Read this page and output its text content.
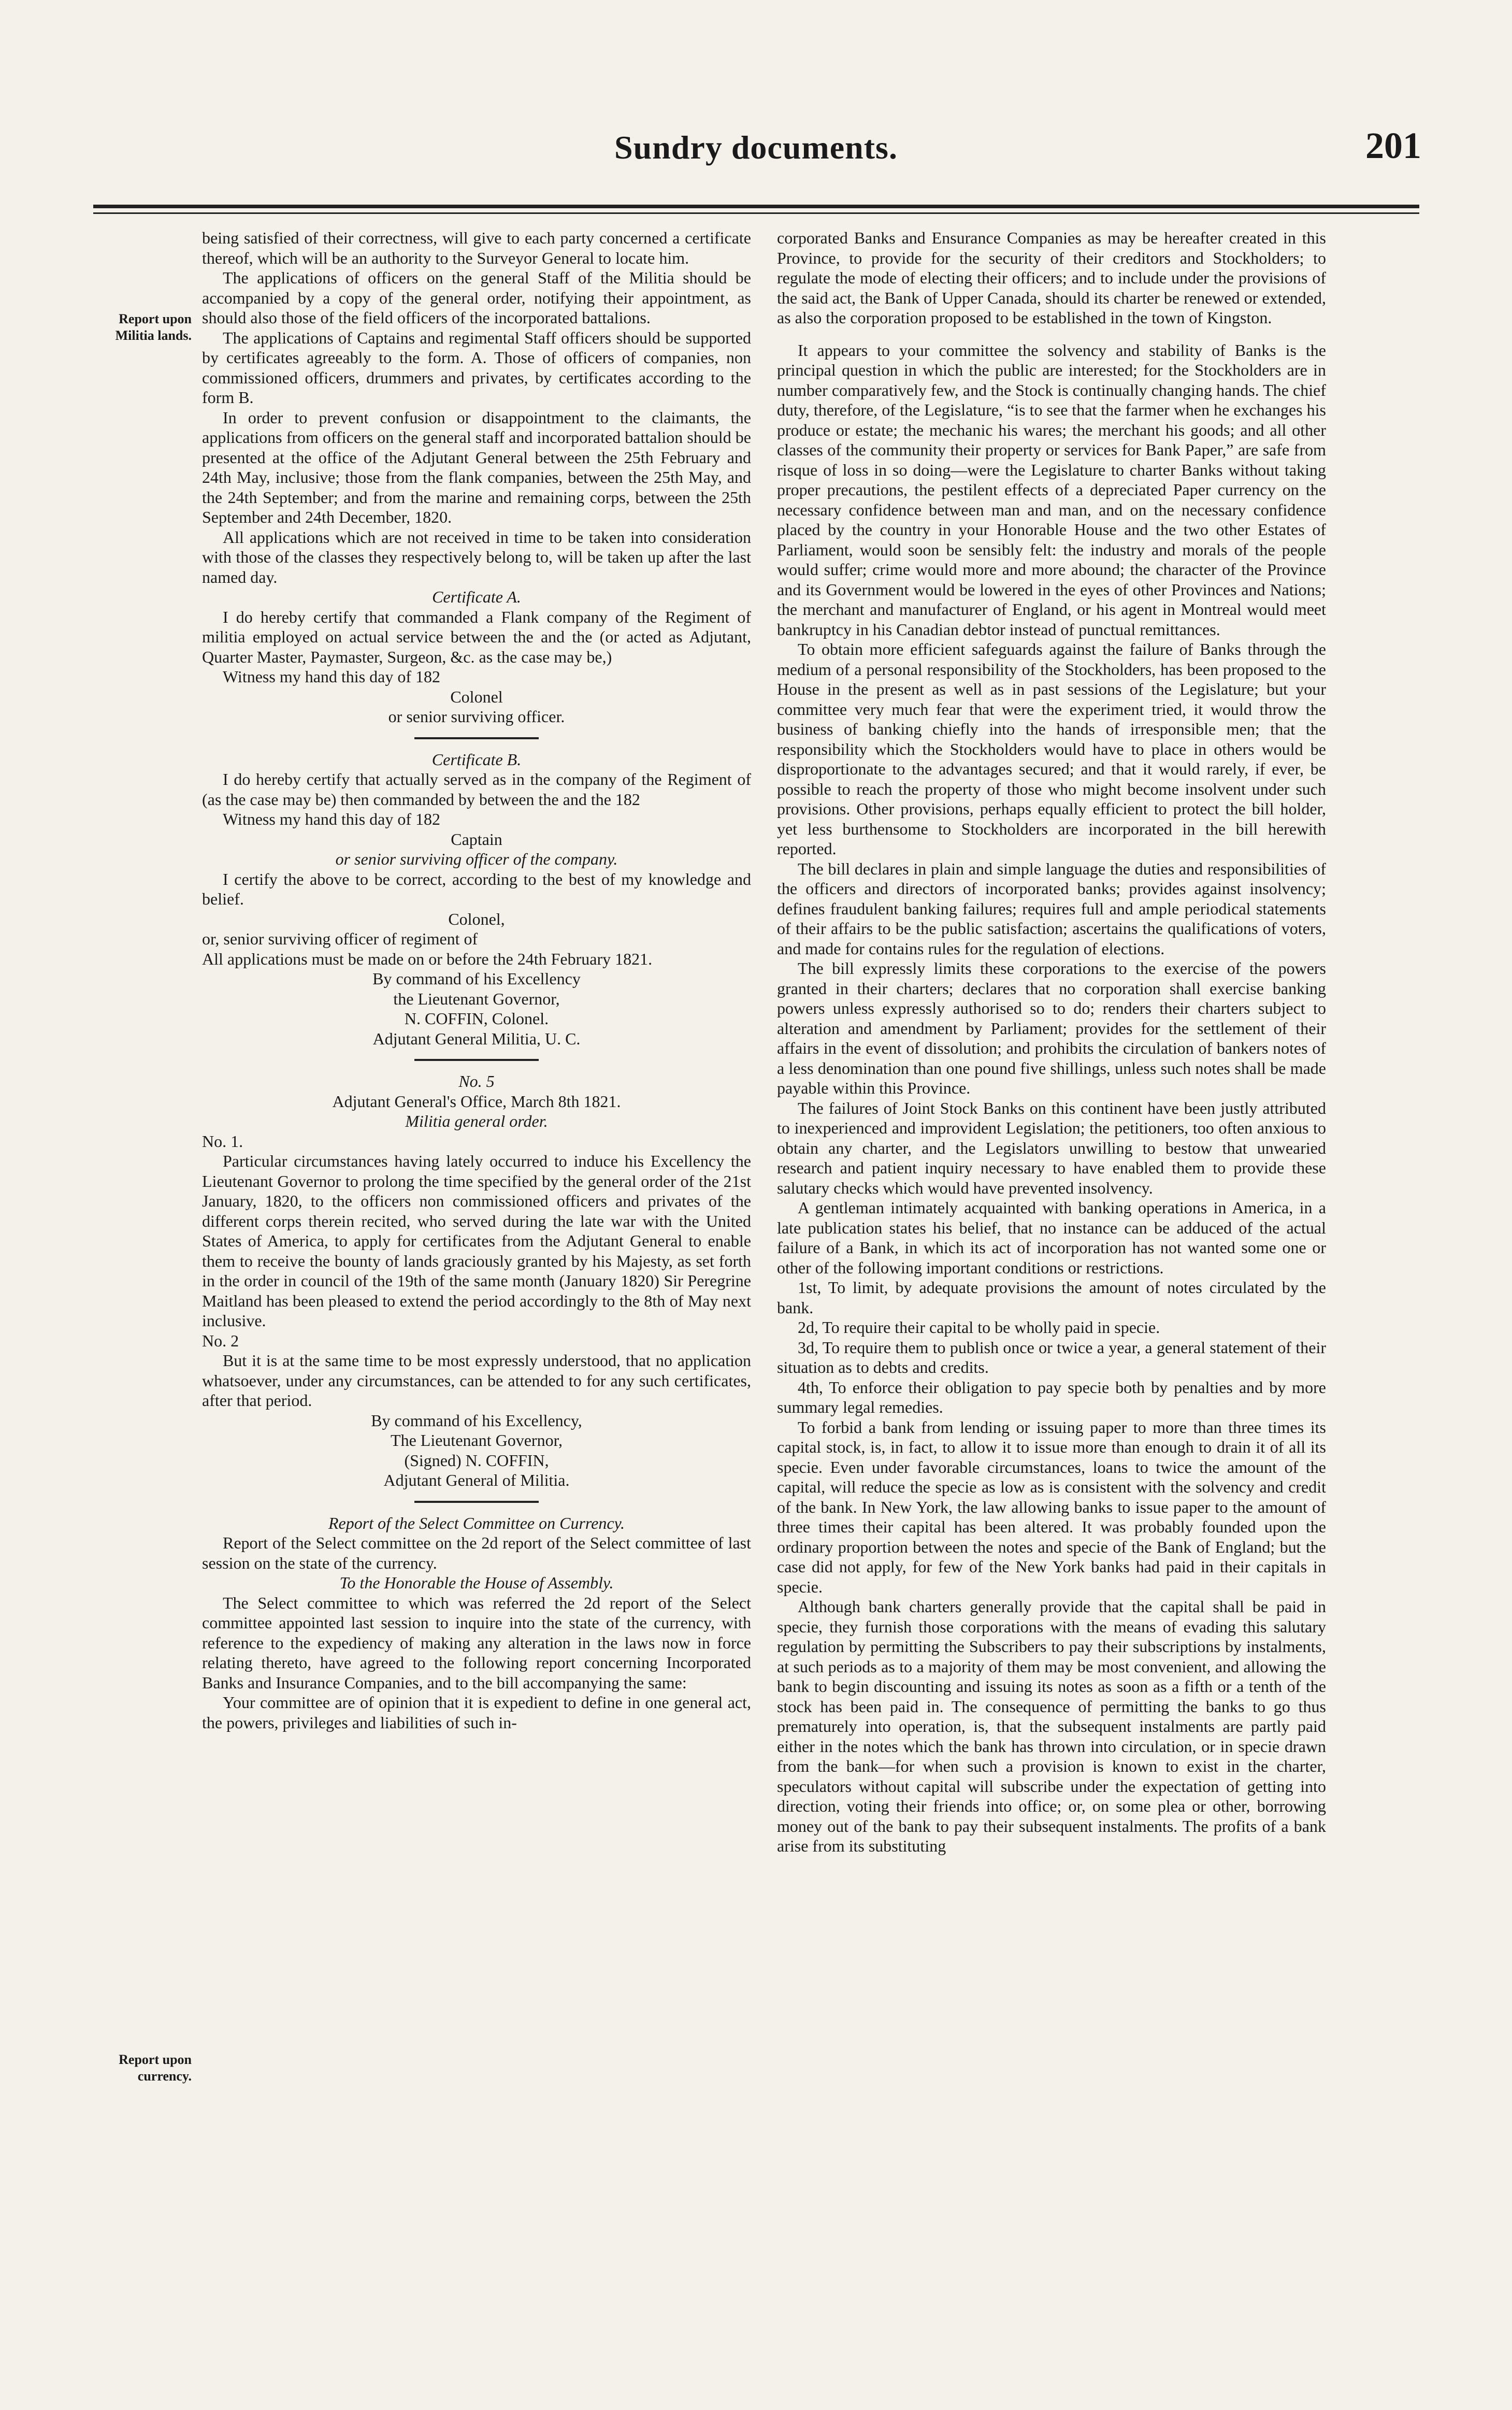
Sundry documents.	201
Report upon Militia lands.
Report upon currency.

being satisfied of their correctness, will give to each party concerned a certificate thereof, which will be an authority to the Surveyor General to locate him.

The applications of officers on the general Staff of the Militia should be accompanied by a copy of the general order, notifying their appointment, as should also those of the field officers of the incorporated battalions.

The applications of Captains and regimental Staff officers should be supported by certificates agreeably to the form. A. Those of officers of companies, non commissioned officers, drummers and privates, by certificates according to the form B.

In order to prevent confusion or disappointment to the claimants, the applications from officers on the general staff and incorporated battalion should be presented at the office of the Adjutant General between the 25th February and 24th May, inclusive; those from the flank companies, between the 25th May, and the 24th September; and from the marine and remaining corps, between the 25th September and 24th December, 1820.

All applications which are not received in time to be taken into consideration with those of the classes they respectively belong to, will be taken up after the last named day.

Certificate A.

I do hereby certify that commanded a Flank company of the Regiment of militia employed on actual service between the and the (or acted as Adjutant, Quarter Master, Paymaster, Surgeon, &c. as the case may be,)

Witness my hand this day of 182

Colonel

or senior surviving officer.

Certificate B.

I do hereby certify that actually served as in the company of the Regiment of (as the case may be) then commanded by between the and the 182

Witness my hand this day of 182

Captain

or senior surviving officer of the company.

I certify the above to be correct, according to the best of my knowledge and belief.

Colonel,

or, senior surviving officer of regiment of

All applications must be made on or before the 24th February 1821.

By command of his Excellency

the Lieutenant Governor,

N. COFFIN, Colonel.

Adjutant General Militia, U. C.

No. 5

Adjutant General's Office, March 8th 1821.

Militia general order.

No. 1.

Particular circumstances having lately occurred to induce his Excellency the Lieutenant Governor to prolong the time specified by the general order of the 21st January, 1820, to the officers non commissioned officers and privates of the different corps therein recited, who served during the late war with the United States of America, to apply for certificates from the Adjutant General to enable them to receive the bounty of lands graciously granted by his Majesty, as set forth in the order in council of the 19th of the same month (January 1820) Sir Peregrine Maitland has been pleased to extend the period accordingly to the 8th of May next inclusive.

No. 2

But it is at the same time to be most expressly understood, that no application whatsoever, under any circumstances, can be attended to for any such certificates, after that period.

By command of his Excellency,

The Lieutenant Governor,

(Signed) N. COFFIN,

Adjutant General of Militia.

Report of the Select Committee on Currency.

Report of the Select committee on the 2d report of the Select committee of last session on the state of the currency.

To the Honorable the House of Assembly.

The Select committee to which was referred the 2d report of the Select committee appointed last session to inquire into the state of the currency, with reference to the expediency of making any alteration in the laws now in force relating thereto, have agreed to the following report concerning Incorporated Banks and Insurance Companies, and to the bill accompanying the same:

Your committee are of opinion that it is expedient to define in one general act, the powers, privileges and liabilities of such in-

corporated Banks and Ensurance Companies as may be hereafter created in this Province, to provide for the security of their creditors and Stockholders; to regulate the mode of electing their officers; and to include under the provisions of the said act, the Bank of Upper Canada, should its charter be renewed or extended, as also the corporation proposed to be established in the town of Kingston.

It appears to your committee the solvency and stability of Banks is the principal question in which the public are interested; for the Stockholders are in number comparatively few, and the Stock is continually changing hands. The chief duty, therefore, of the Legislature, “is to see that the farmer when he exchanges his produce or estate; the mechanic his wares; the merchant his goods; and all other classes of the community their property or services for Bank Paper,” are safe from risque of loss in so doing—were the Legislature to charter Banks without taking proper precautions, the pestilent effects of a depreciated Paper currency on the necessary confidence between man and man, and on the necessary confidence placed by the country in your Honorable House and the two other Estates of Parliament, would soon be sensibly felt: the industry and morals of the people would suffer; crime would more and more abound; the character of the Province and its Government would be lowered in the eyes of other Provinces and Nations; the merchant and manufacturer of England, or his agent in Montreal would meet bankruptcy in his Canadian debtor instead of punctual remittances.

To obtain more efficient safeguards against the failure of Banks through the medium of a personal responsibility of the Stockholders, has been proposed to the House in the present as well as in past sessions of the Legislature; but your committee very much fear that were the experiment tried, it would throw the business of banking chiefly into the hands of irresponsible men; that the responsibility which the Stockholders would have to place in others would be disproportionate to the advantages secured; and that it would rarely, if ever, be possible to reach the property of those who might become insolvent under such provisions. Other provisions, perhaps equally efficient to protect the bill holder, yet less burthensome to Stockholders are incorporated in the bill herewith reported.

The bill declares in plain and simple language the duties and responsibilities of the officers and directors of incorporated banks; provides against insolvency; defines fraudulent banking failures; requires full and ample periodical statements of their affairs to be the public satisfaction; ascertains the qualifications of voters, and made for contains rules for the regulation of elections.

The bill expressly limits these corporations to the exercise of the powers granted in their charters; declares that no corporation shall exercise banking powers unless expressly authorised so to do; renders their charters subject to alteration and amendment by Parliament; provides for the settlement of their affairs in the event of dissolution; and prohibits the circulation of bankers notes of a less denomination than one pound five shillings, unless such notes shall be made payable within this Province.

The failures of Joint Stock Banks on this continent have been justly attributed to inexperienced and improvident Legislation; the petitioners, too often anxious to obtain any charter, and the Legislators unwilling to bestow that unwearied research and patient inquiry necessary to have enabled them to provide these salutary checks which would have prevented insolvency.

A gentleman intimately acquainted with banking operations in America, in a late publication states his belief, that no instance can be adduced of the actual failure of a Bank, in which its act of incorporation has not wanted some one or other of the following important conditions or restrictions.

1st, To limit, by adequate provisions the amount of notes circulated by the bank.

2d, To require their capital to be wholly paid in specie.

3d, To require them to publish once or twice a year, a general statement of their situation as to debts and credits.

4th, To enforce their obligation to pay specie both by penalties and by more summary legal remedies.

To forbid a bank from lending or issuing paper to more than three times its capital stock, is, in fact, to allow it to issue more than enough to drain it of all its specie. Even under favorable circumstances, loans to twice the amount of the capital, will reduce the specie as low as is consistent with the solvency and credit of the bank. In New York, the law allowing banks to issue paper to the amount of three times their capital has been altered. It was probably founded upon the ordinary proportion between the notes and specie of the Bank of England; but the case did not apply, for few of the New York banks had paid in their capitals in specie.

Although bank charters generally provide that the capital shall be paid in specie, they furnish those corporations with the means of evading this salutary regulation by permitting the Subscribers to pay their subscriptions by instalments, at such periods as to a majority of them may be most convenient, and allowing the bank to begin discounting and issuing its notes as soon as a fifth or a tenth of the stock has been paid in. The consequence of permitting the banks to go thus prematurely into operation, is, that the subsequent instalments are partly paid either in the notes which the bank has thrown into circulation, or in specie drawn from the bank—for when such a provision is known to exist in the charter, speculators without capital will subscribe under the expectation of getting into direction, voting their friends into office; or, on some plea or other, borrowing money out of the bank to pay their subsequent instalments. The profits of a bank arise from its substituting
